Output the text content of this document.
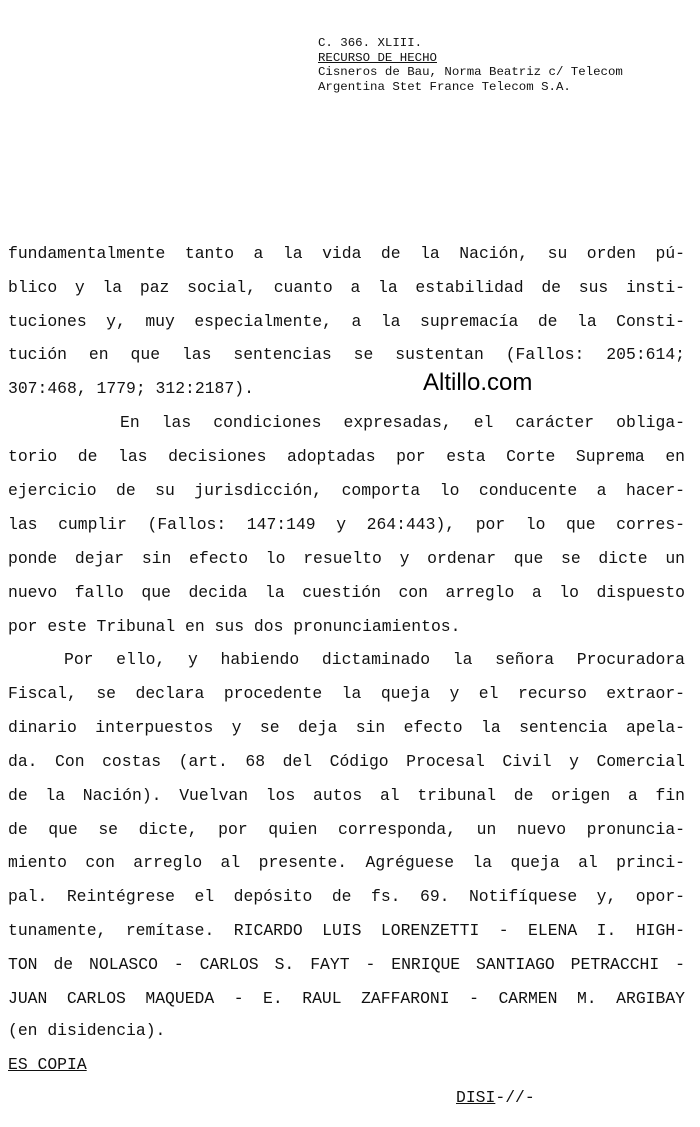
C. 366. XLIII.
RECURSO DE HECHO
Cisneros de Bau, Norma Beatriz c/ Telecom
Argentina Stet France Telecom S.A.
fundamentalmente tanto a la vida de la Nación, su orden pú-
blico y la paz social, cuanto a la estabilidad de sus insti-
tuciones y, muy especialmente, a la supremacía de la Consti-
tución en que las sentencias se sustentan (Fallos: 205:614;
307:468, 1779; 312:2187).
En las condiciones expresadas, el carácter obliga-
torio de las decisiones adoptadas por esta Corte Suprema en
ejercicio de su jurisdicción, comporta lo conducente a hacer-
las cumplir (Fallos: 147:149 y 264:443), por lo que corres-
ponde dejar sin efecto lo resuelto y ordenar que se dicte un
nuevo fallo que decida la cuestión con arreglo a lo dispuesto
por este Tribunal en sus dos pronunciamientos.
Por ello, y habiendo dictaminado la señora Procuradora
Fiscal, se declara procedente la queja y el recurso extraor-
dinario interpuestos y se deja sin efecto la sentencia apela-
da. Con costas (art. 68 del Código Procesal Civil y Comercial
de la Nación). Vuelvan los autos al tribunal de origen a fin
de que se dicte, por quien corresponda, un nuevo pronuncia-
miento con arreglo al presente. Agréguese la queja al princi-
pal. Reintégrese el depósito de fs. 69. Notifíquese y, opor-
tunamente, remítase. RICARDO LUIS LORENZETTI - ELENA I. HIGH-
TON de NOLASCO - CARLOS S. FAYT - ENRIQUE SANTIAGO PETRACCHI -
JUAN CARLOS MAQUEDA - E. RAUL ZAFFARONI - CARMEN M. ARGIBAY
(en disidencia).
Altillo.com
ES COPIA
DISI-//-
